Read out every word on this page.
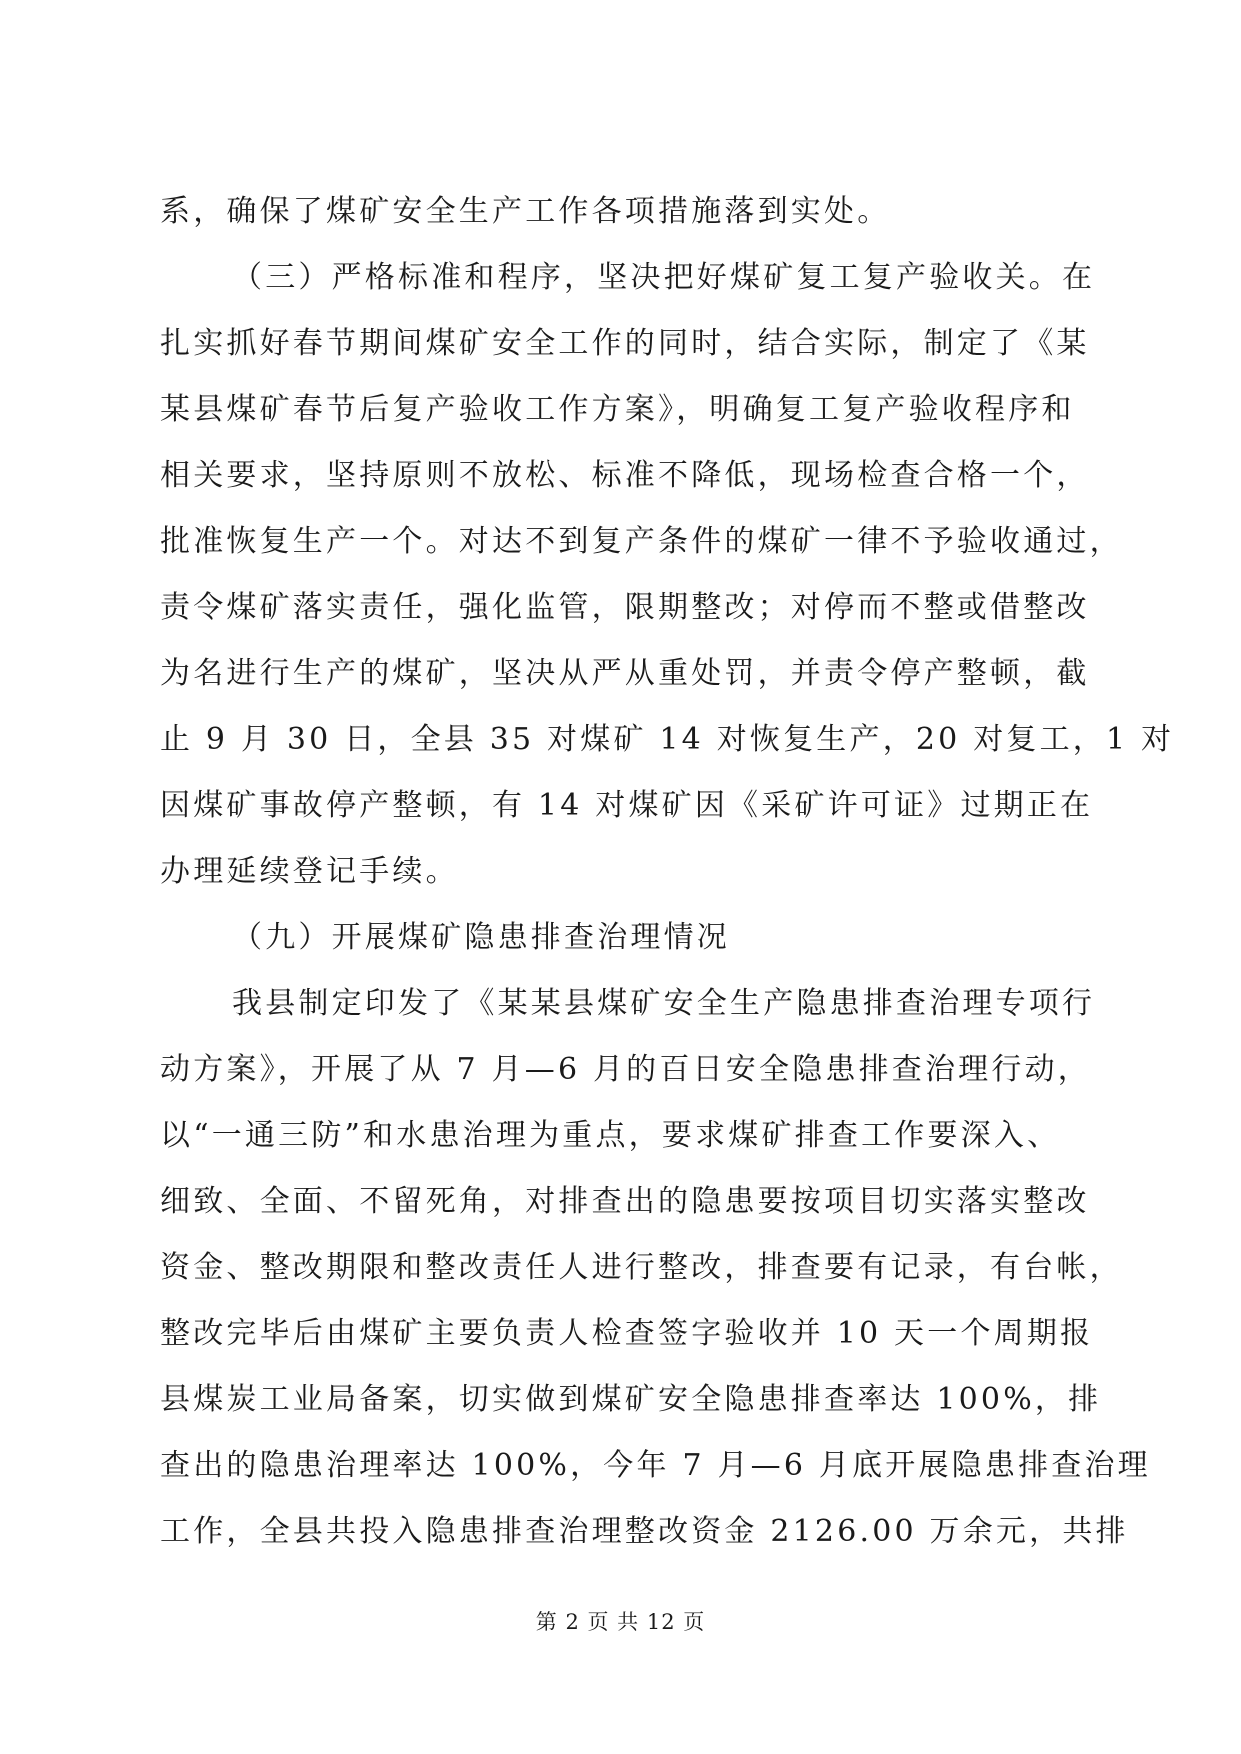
系，确保了煤矿安全生产工作各项措施落到实处。
（三）严格标准和程序，坚决把好煤矿复工复产验收关。在
扎实抓好春节期间煤矿安全工作的同时，结合实际，制定了《某
某县煤矿春节后复产验收工作方案》，明确复工复产验收程序和
相关要求，坚持原则不放松、标准不降低，现场检查合格一个，
批准恢复生产一个。对达不到复产条件的煤矿一律不予验收通过，
责令煤矿落实责任，强化监管，限期整改；对停而不整或借整改
为名进行生产的煤矿，坚决从严从重处罚，并责令停产整顿，截
止 9 月 30 日，全县 35 对煤矿 14 对恢复生产，20 对复工，1 对
因煤矿事故停产整顿，有 14 对煤矿因《采矿许可证》过期正在
办理延续登记手续。
（九）开展煤矿隐患排查治理情况
我县制定印发了《某某县煤矿安全生产隐患排查治理专项行
动方案》，开展了从 7 月—6 月的百日安全隐患排查治理行动，
以“一通三防”和水患治理为重点，要求煤矿排查工作要深入、
细致、全面、不留死角，对排查出的隐患要按项目切实落实整改
资金、整改期限和整改责任人进行整改，排查要有记录，有台帐，
整改完毕后由煤矿主要负责人检查签字验收并 10 天一个周期报
县煤炭工业局备案，切实做到煤矿安全隐患排查率达 100%，排
查出的隐患治理率达 100%，今年 7 月—6 月底开展隐患排查治理
工作，全县共投入隐患排查治理整改资金 2126.00 万余元，共排
第 2 页 共 12 页
